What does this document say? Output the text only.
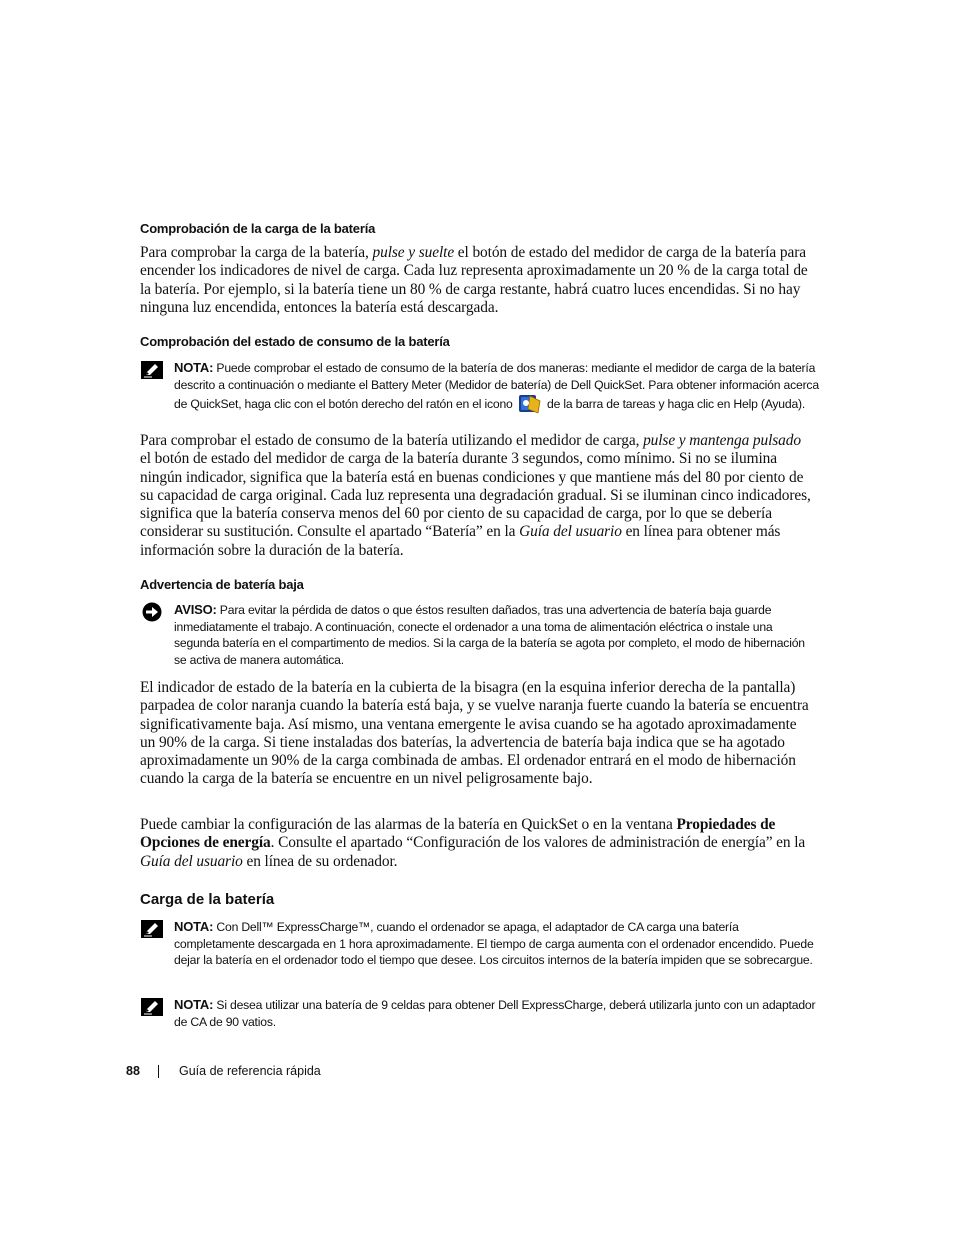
Comprobación de la carga de la batería

Para comprobar la carga de la batería, pulse y suelte el botón de estado del medidor de carga de la batería para encender los indicadores de nivel de carga. Cada luz representa aproximadamente un 20 % de la carga total de la batería. Por ejemplo, si la batería tiene un 80 % de carga restante, habrá cuatro luces encendidas. Si no hay ninguna luz encendida, entonces la batería está descargada.

Comprobación del estado de consumo de la batería

NOTA: Puede comprobar el estado de consumo de la batería de dos maneras: mediante el medidor de carga de la batería descrito a continuación o mediante el Battery Meter (Medidor de batería) de Dell QuickSet. Para obtener información acerca de QuickSet, haga clic con el botón derecho del ratón en el icono  de la barra de tareas y haga clic en Help (Ayuda).

Para comprobar el estado de consumo de la batería utilizando el medidor de carga, pulse y mantenga pulsado el botón de estado del medidor de carga de la batería durante 3 segundos, como mínimo. Si no se ilumina ningún indicador, significa que la batería está en buenas condiciones y que mantiene más del 80 por ciento de su capacidad de carga original. Cada luz representa una degradación gradual. Si se iluminan cinco indicadores, significa que la batería conserva menos del 60 por ciento de su capacidad de carga, por lo que se debería considerar su sustitución. Consulte el apartado “Batería” en la Guía del usuario en línea para obtener más información sobre la duración de la batería.

Advertencia de batería baja

AVISO: Para evitar la pérdida de datos o que éstos resulten dañados, tras una advertencia de batería baja guarde inmediatamente el trabajo. A continuación, conecte el ordenador a una toma de alimentación eléctrica o instale una segunda batería en el compartimento de medios. Si la carga de la batería se agota por completo, el modo de hibernación se activa de manera automática.

El indicador de estado de la batería en la cubierta de la bisagra (en la esquina inferior derecha de la pantalla) parpadea de color naranja cuando la batería está baja, y se vuelve naranja fuerte cuando la batería se encuentra significativamente baja. Así mismo, una ventana emergente le avisa cuando se ha agotado aproximadamente un 90% de la carga. Si tiene instaladas dos baterías, la advertencia de batería baja indica que se ha agotado aproximadamente un 90% de la carga combinada de ambas. El ordenador entrará en el modo de hibernación cuando la carga de la batería se encuentre en un nivel peligrosamente bajo.

Puede cambiar la configuración de las alarmas de la batería en QuickSet o en la ventana Propiedades de Opciones de energía. Consulte el apartado “Configuración de los valores de administración de energía” en la Guía del usuario en línea de su ordenador.

Carga de la batería

NOTA: Con Dell™ ExpressCharge™, cuando el ordenador se apaga, el adaptador de CA carga una batería completamente descargada en 1 hora aproximadamente. El tiempo de carga aumenta con el ordenador encendido. Puede dejar la batería en el ordenador todo el tiempo que desee. Los circuitos internos de la batería impiden que se sobrecargue.

NOTA: Si desea utilizar una batería de 9 celdas para obtener Dell ExpressCharge, deberá utilizarla junto con un adaptador de CA de 90 vatios.

88	Guía de referencia rápida
